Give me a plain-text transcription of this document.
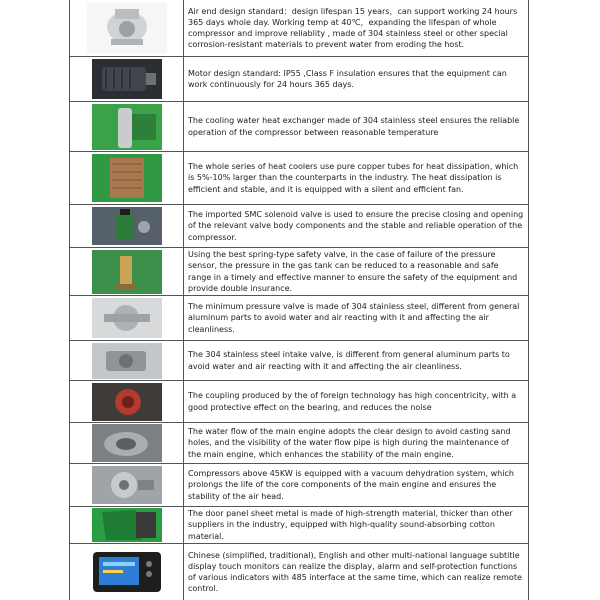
Air end design standard：design lifespan 15 years，can support working 24 hours 365 days whole day. Working temp at 40℃，expanding the lifespan of whole compressor and improve reliablity , made of 304 stainless steel or other special corrosion-resistant materials to prevent water from eroding the host.
Motor design standard: IP55 ,Class F insulation ensures that the equipment can work continuously for 24 hours 365 days.
The cooling water heat exchanger made of 304 stainless steel ensures the reliable operation of the compressor between reasonable temperature
The whole series of heat coolers use pure copper tubes for heat dissipation, which is 5%-10% larger than the counterparts in the industry. The heat dissipation is efficient and stable, and it is equipped with a silent and efficient fan.
The imported SMC solenoid valve is used to ensure the precise closing and opening of the relevant valve body components and the stable and reliable operation of the compressor.
Using the best spring-type safety valve, in the case of failure of the pressure sensor, the pressure in the gas tank can be reduced to a reasonable and safe range in a timely and effective manner to ensure the safety of the equipment and provide double insurance.
The minimum pressure valve is made of 304 stainless steel, different from general aluminum parts to avoid water and air reacting with it and affecting the air cleanliness.
The 304 stainless steel intake valve, is different from general aluminum parts to avoid water and air reacting with it and affecting the air cleanliness.
The coupling produced by the of foreign technology has high concentricity, with a good protective effect on the bearing, and reduces the noise
The water flow of the main engine adopts the clear design to avoid casting sand holes, and the visibility of the water flow pipe is high during the maintenance of the main engine, which enhances the stability of the main engine.
Compressors above 45KW is equipped with a vacuum dehydration system, which prolongs the life of the core components of the main engine and ensures the stability of the air head.
The door panel sheet metal is made of high-strength material, thicker than other suppliers in the industry, equipped with high-quality sound-absorbing cotton material.
Chinese (simplified, traditional), English and other multi-national language subtitle display touch monitors can realize the display, alarm and self-protection functions of various indicators with 485 interface at the same time, which can realize remote control.
